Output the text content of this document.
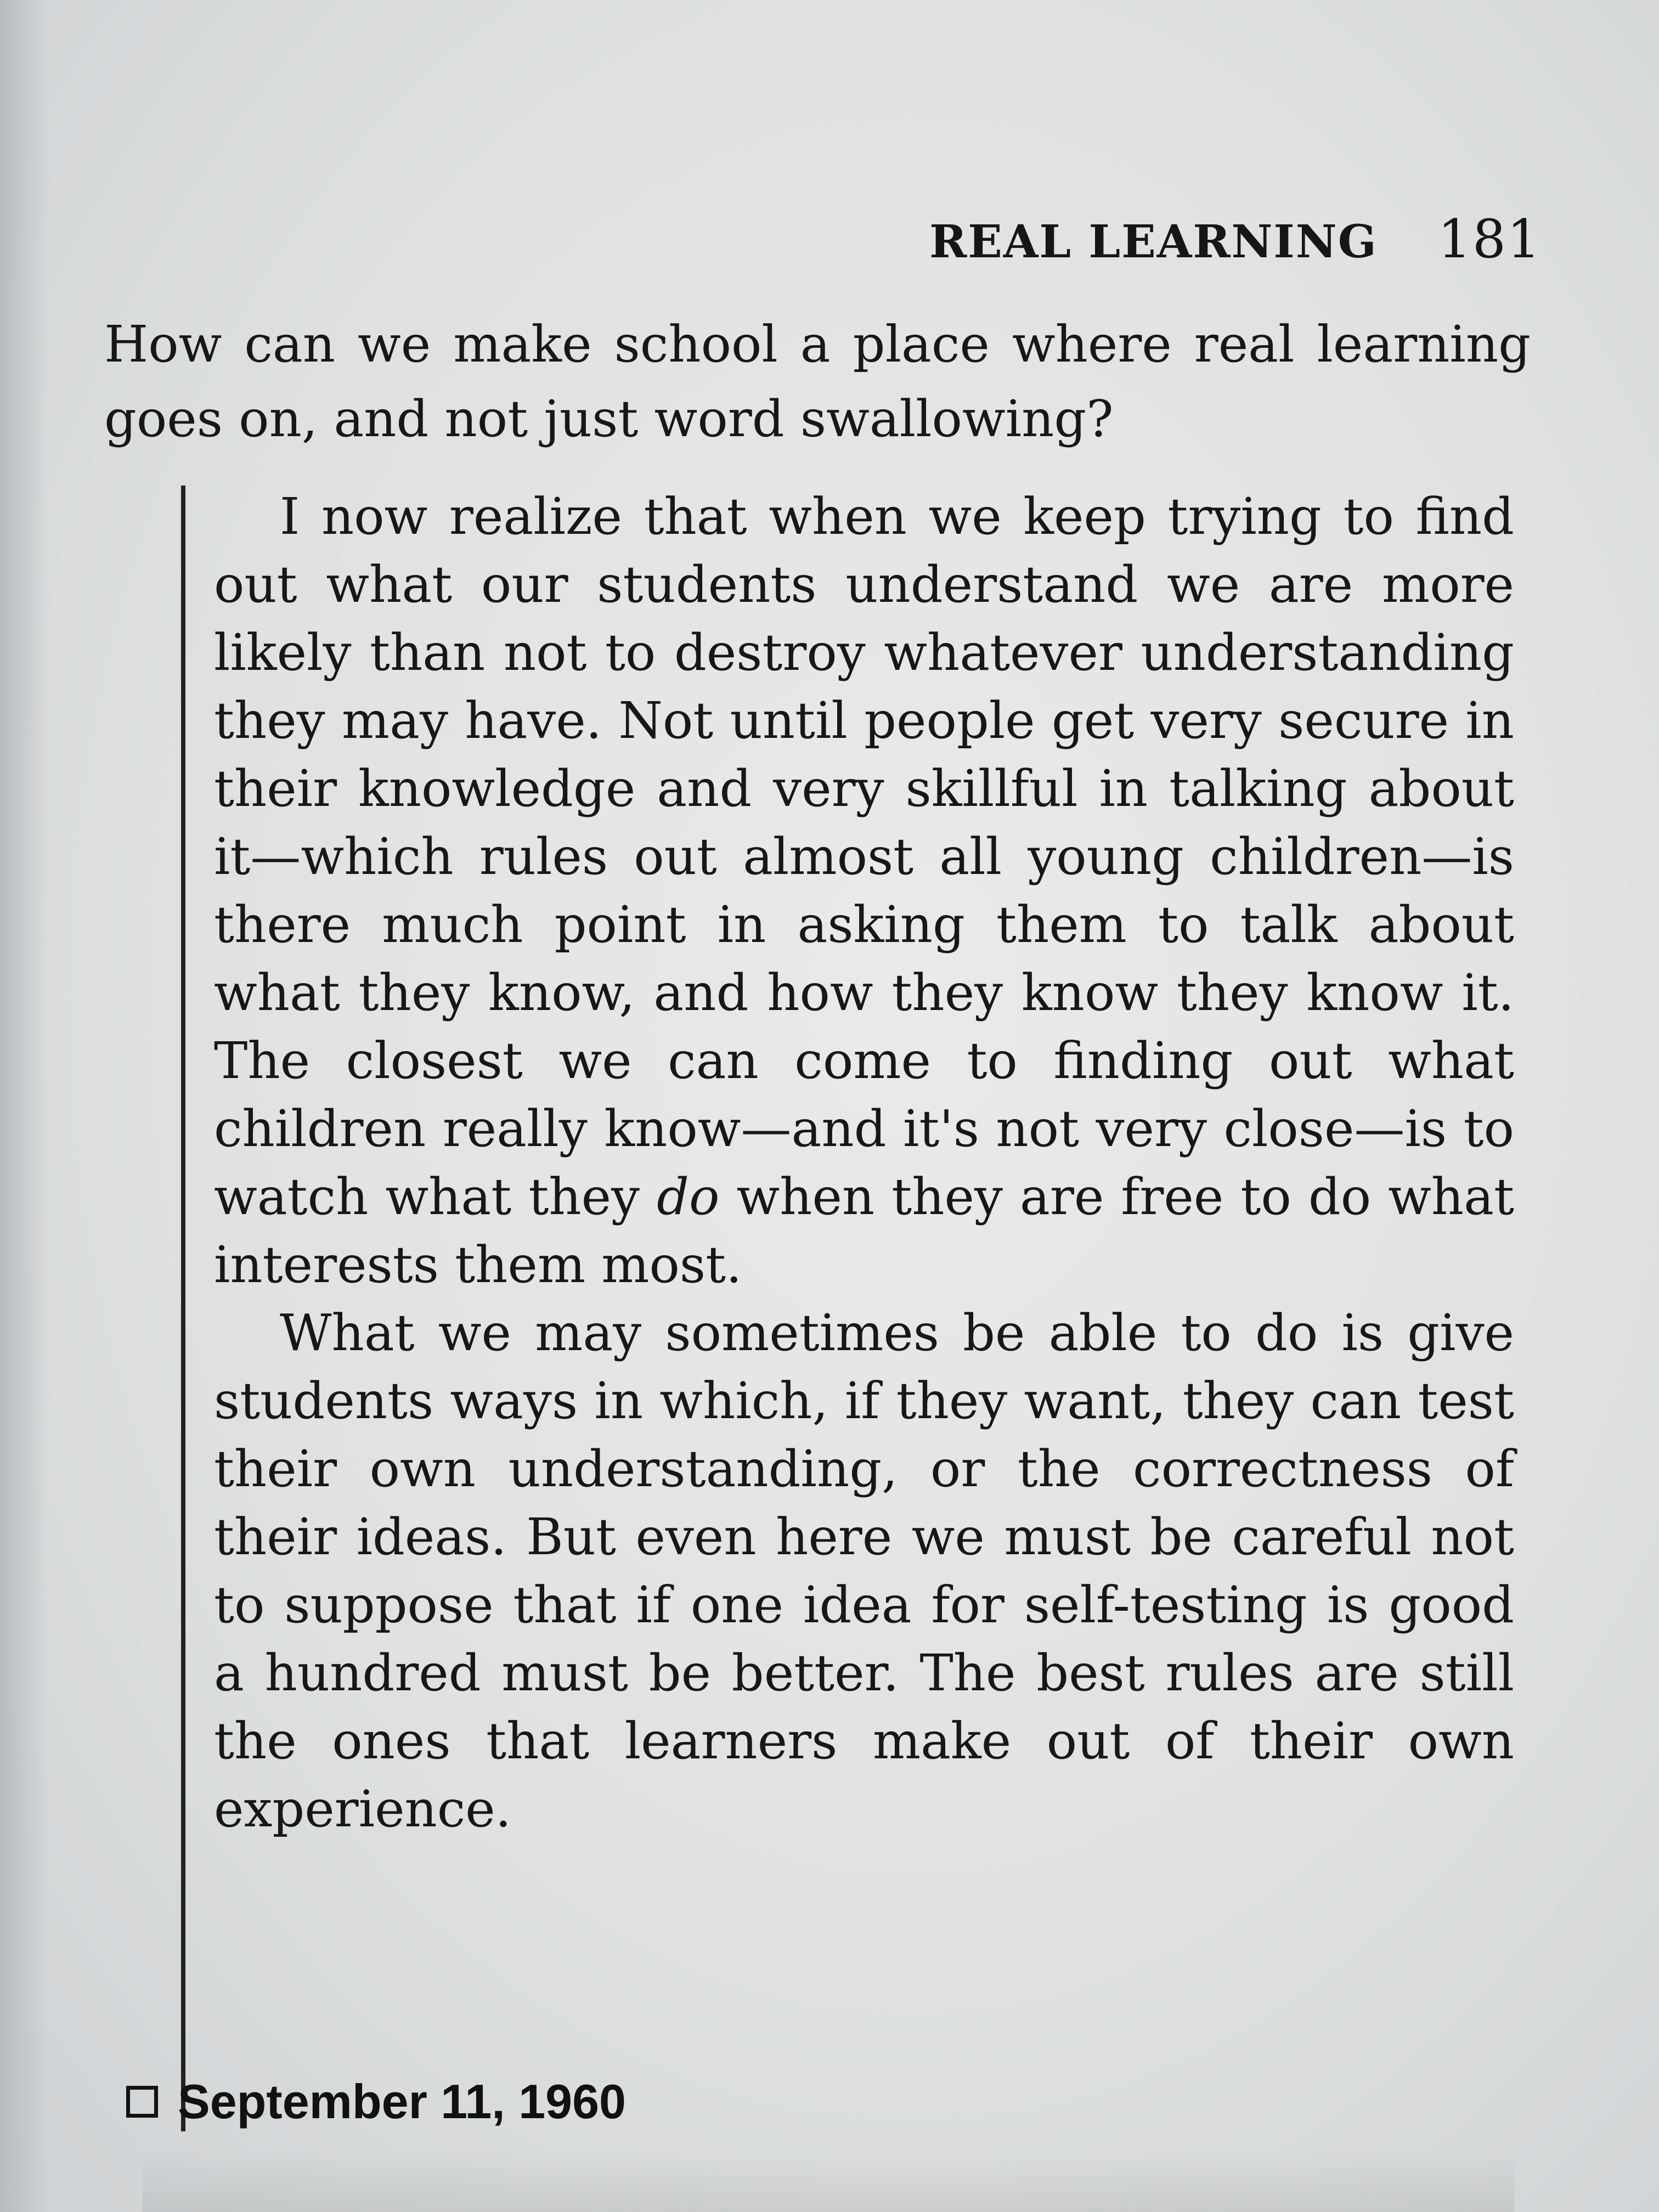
REAL LEARNING 181
How can we make school a place where real learning goes on, and not just word swallowing?

I now realize that when we keep trying to find out what our students understand we are more likely than not to destroy whatever understanding they may have. Not until people get very secure in their knowledge and very skillful in talking about it—which rules out almost all young children—is there much point in asking them to talk about what they know, and how they know they know it. The closest we can come to finding out what children really know—and it's not very close—is to watch what they do when they are free to do what interests them most.

What we may sometimes be able to do is give students ways in which, if they want, they can test their own understanding, or the correctness of their ideas. But even here we must be careful not to suppose that if one idea for self-testing is good a hundred must be better. The best rules are still the ones that learners make out of their own experience.

September 11, 1960
